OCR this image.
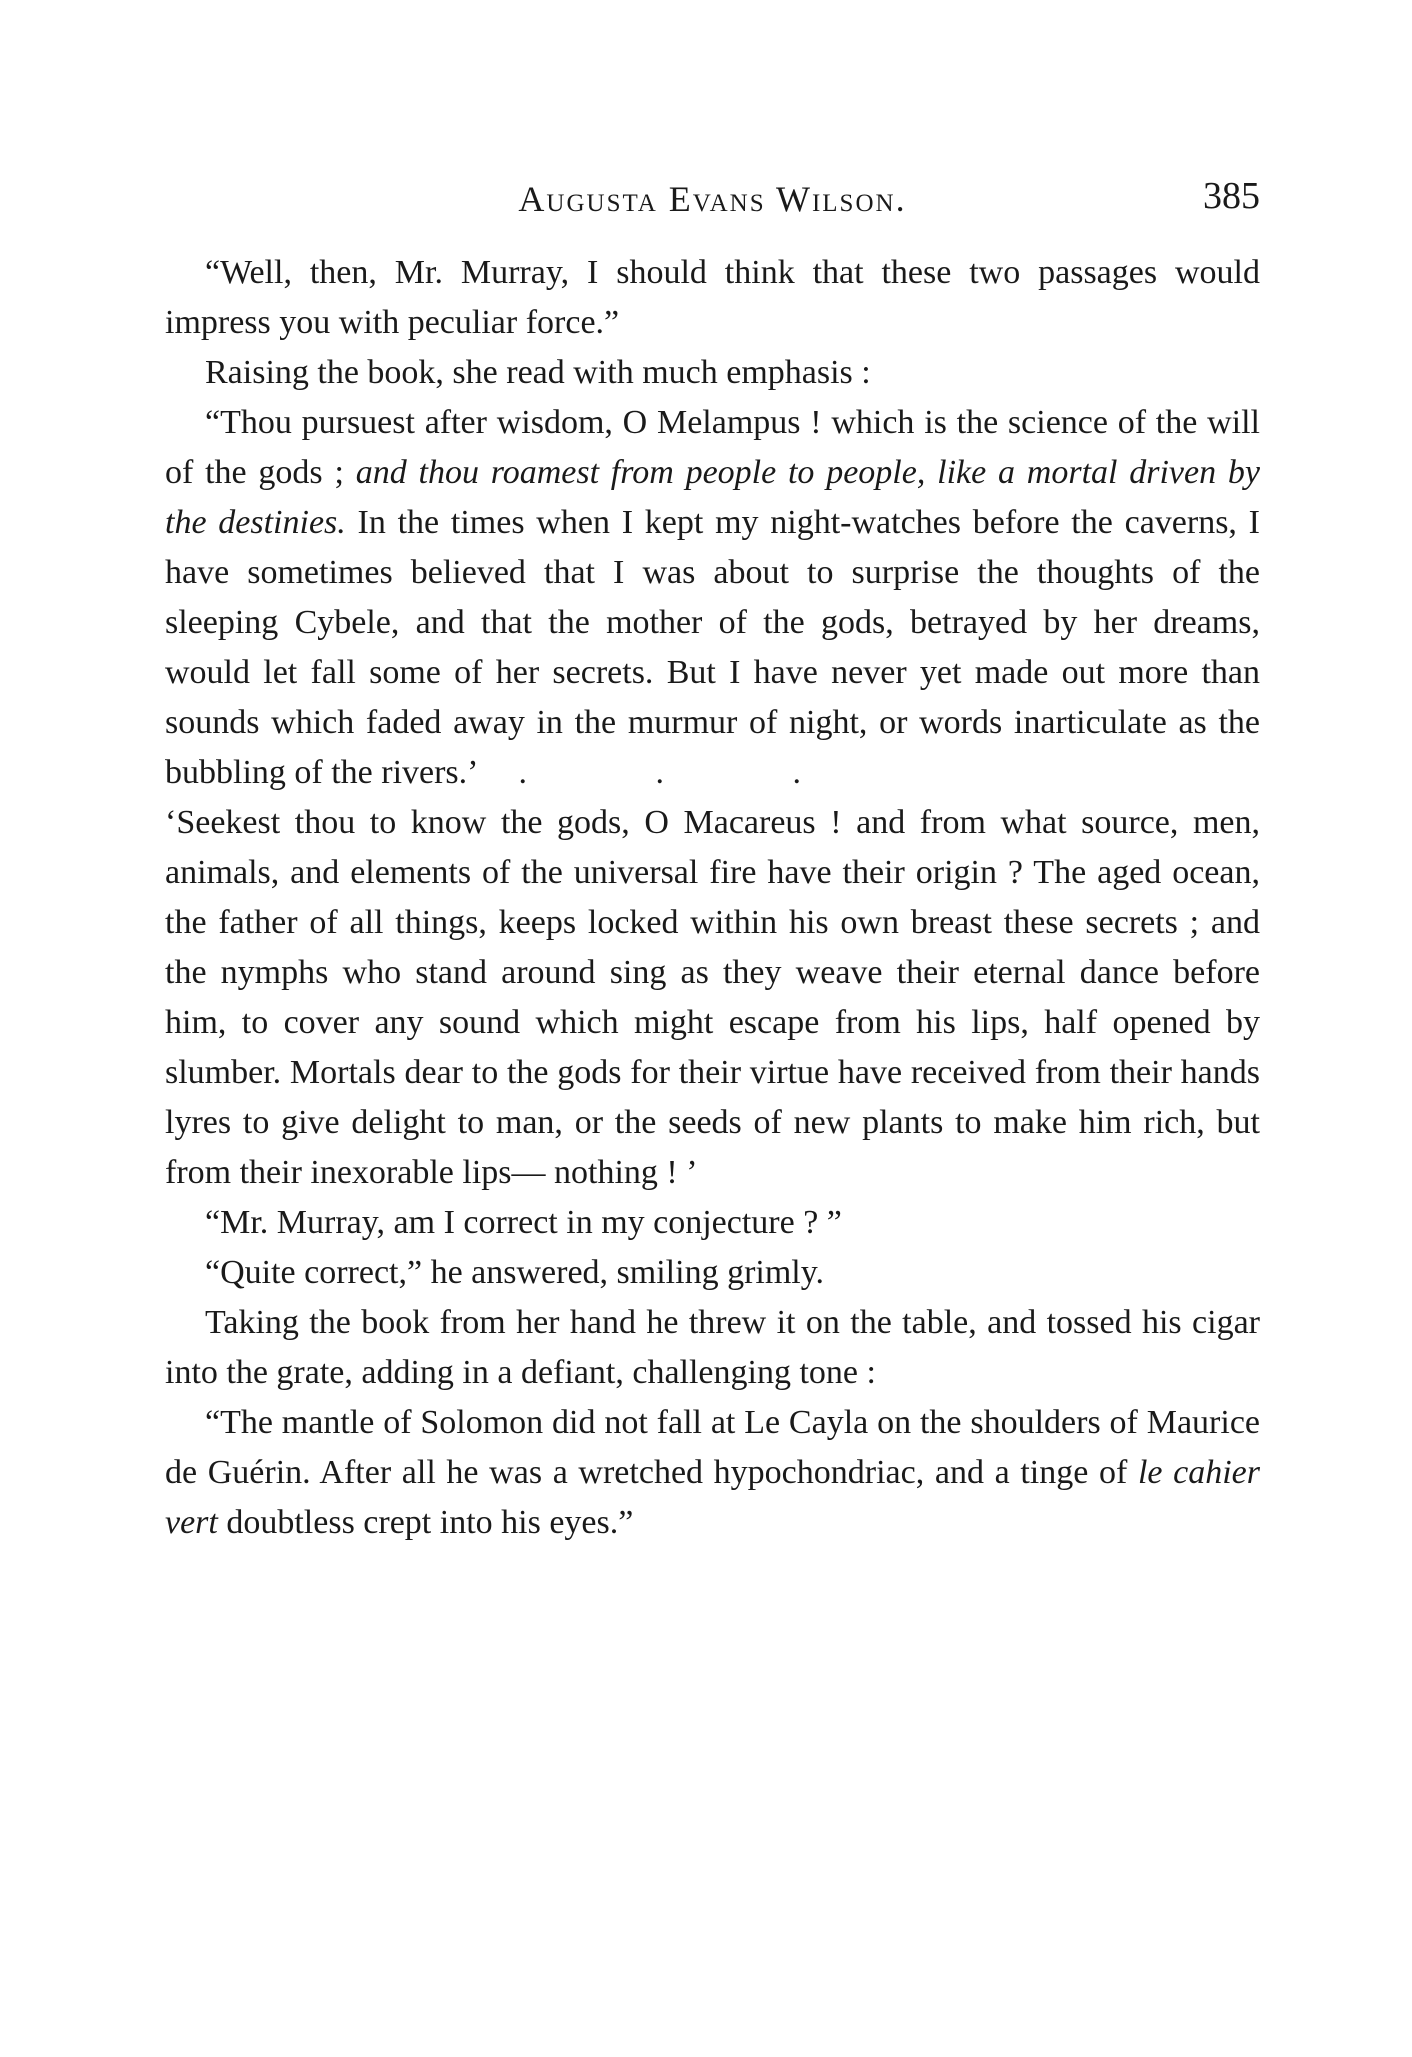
Augusta Evans Wilson.	385

“Well, then, Mr. Murray, I should think that these two passages would impress you with peculiar force.”

Raising the book, she read with much emphasis :

“Thou pursuest after wisdom, O Melampus ! which is the science of the will of the gods ; and thou roamest from people to people, like a mortal driven by the destinies. In the times when I kept my night-watches before the caverns, I have sometimes believed that I was about to surprise the thoughts of the sleeping Cybele, and that the mother of the gods, betrayed by her dreams, would let fall some of her secrets. But I have never yet made out more than sounds which faded away in the murmur of night, or words inarticulate as the bubbling of the rivers.’ . . .

‘Seekest thou to know the gods, O Macareus ! and from what source, men, animals, and elements of the universal fire have their origin ? The aged ocean, the father of all things, keeps locked within his own breast these secrets ; and the nymphs who stand around sing as they weave their eternal dance before him, to cover any sound which might escape from his lips, half opened by slumber. Mortals dear to the gods for their virtue have received from their hands lyres to give delight to man, or the seeds of new plants to make him rich, but from their inexorable lips— nothing ! ’

“Mr. Murray, am I correct in my conjecture ? ”

“Quite correct,” he answered, smiling grimly.

Taking the book from her hand he threw it on the table, and tossed his cigar into the grate, adding in a defiant, challenging tone :

“The mantle of Solomon did not fall at Le Cayla on the shoulders of Maurice de Guérin. After all he was a wretched hypochondriac, and a tinge of le cahier vert doubtless crept into his eyes.”
